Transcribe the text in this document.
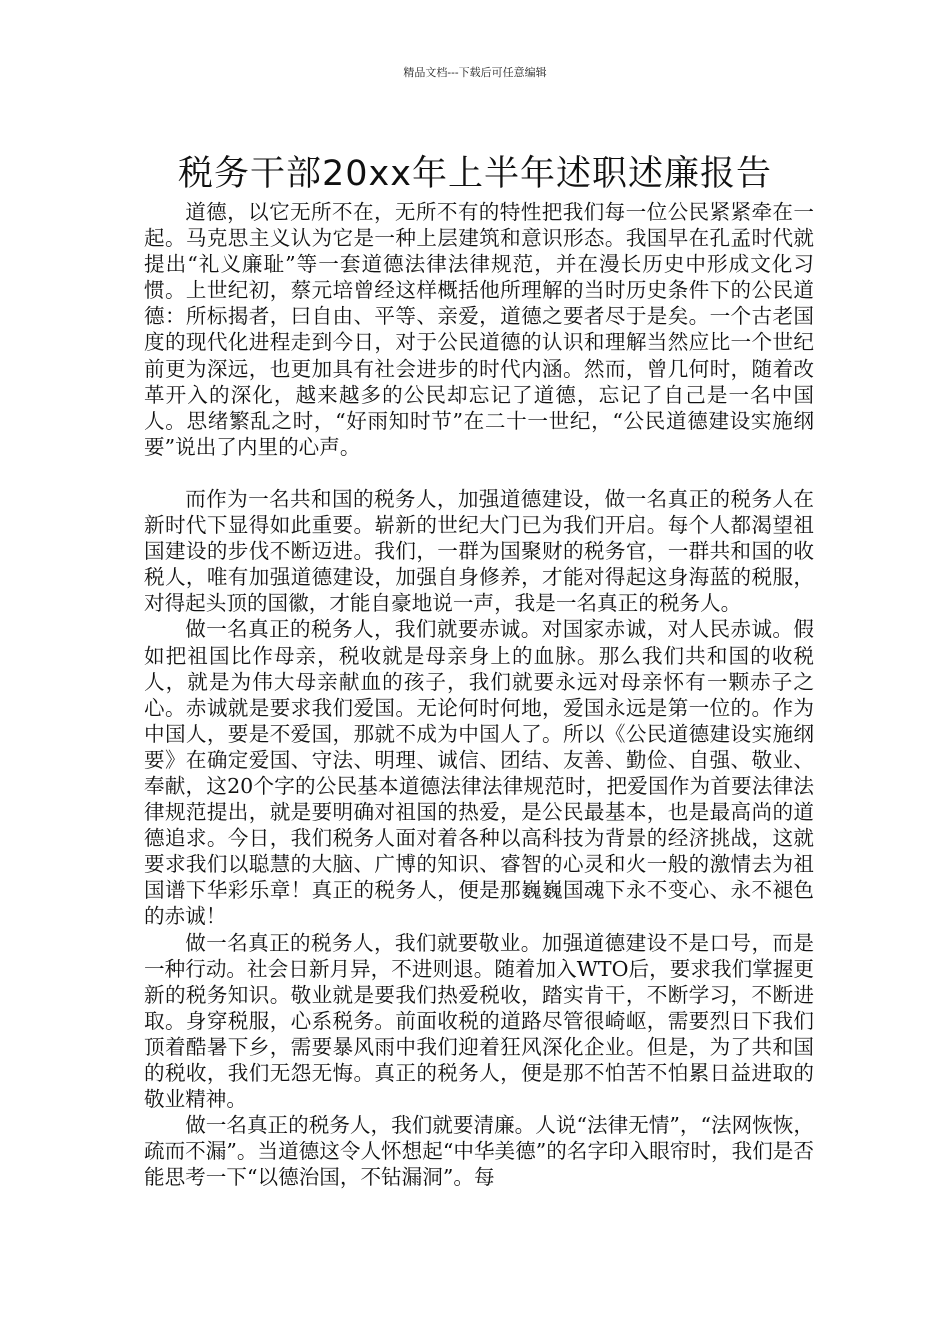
精品文档---下载后可任意编辑
税务干部20xx年上半年述职述廉报告

道德，以它无所不在，无所不有的特性把我们每一位公民紧紧牵在一起。马克思主义认为它是一种上层建筑和意识形态。我国早在孔孟时代就提出“礼义廉耻”等一套道德法律法律规范，并在漫长历史中形成文化习惯。上世纪初，蔡元培曾经这样概括他所理解的当时历史条件下的公民道德：所标揭者，曰自由、平等、亲爱，道德之要者尽于是矣。一个古老国度的现代化进程走到今日，对于公民道德的认识和理解当然应比一个世纪前更为深远，也更加具有社会进步的时代内涵。然而，曾几何时，随着改革开入的深化，越来越多的公民却忘记了道德，忘记了自己是一名中国人。思绪繁乱之时，“好雨知时节”在二十一世纪，“公民道德建设实施纲要”说出了内里的心声。

而作为一名共和国的税务人，加强道德建设，做一名真正的税务人在新时代下显得如此重要。崭新的世纪大门已为我们开启。每个人都渴望祖国建设的步伐不断迈进。我们，一群为国聚财的税务官，一群共和国的收税人，唯有加强道德建设，加强自身修养，才能对得起这身海蓝的税服，对得起头顶的国徽，才能自豪地说一声，我是一名真正的税务人。

做一名真正的税务人，我们就要赤诚。对国家赤诚，对人民赤诚。假如把祖国比作母亲，税收就是母亲身上的血脉。那么我们共和国的收税人，就是为伟大母亲献血的孩子，我们就要永远对母亲怀有一颗赤子之心。赤诚就是要求我们爱国。无论何时何地，爱国永远是第一位的。作为中国人，要是不爱国，那就不成为中国人了。所以《公民道德建设实施纲要》在确定爱国、守法、明理、诚信、团结、友善、勤俭、自强、敬业、奉献，这20个字的公民基本道德法律法律规范时，把爱国作为首要法律法律规范提出，就是要明确对祖国的热爱，是公民最基本，也是最高尚的道德追求。今日，我们税务人面对着各种以高科技为背景的经济挑战，这就要求我们以聪慧的大脑、广博的知识、睿智的心灵和火一般的激情去为祖国谱下华彩乐章！真正的税务人，便是那巍巍国魂下永不变心、永不褪色的赤诚！

做一名真正的税务人，我们就要敬业。加强道德建设不是口号，而是一种行动。社会日新月异，不进则退。随着加入WTO后，要求我们掌握更新的税务知识。敬业就是要我们热爱税收，踏实肯干，不断学习，不断进取。身穿税服，心系税务。前面收税的道路尽管很崎岖，需要烈日下我们顶着酷暑下乡，需要暴风雨中我们迎着狂风深化企业。但是，为了共和国的税收，我们无怨无悔。真正的税务人，便是那不怕苦不怕累日益进取的敬业精神。

做一名真正的税务人，我们就要清廉。人说“法律无情”，“法网恢恢，疏而不漏”。当道德这令人怀想起“中华美德”的名字印入眼帘时，我们是否能思考一下“以德治国，不钻漏洞”。每
